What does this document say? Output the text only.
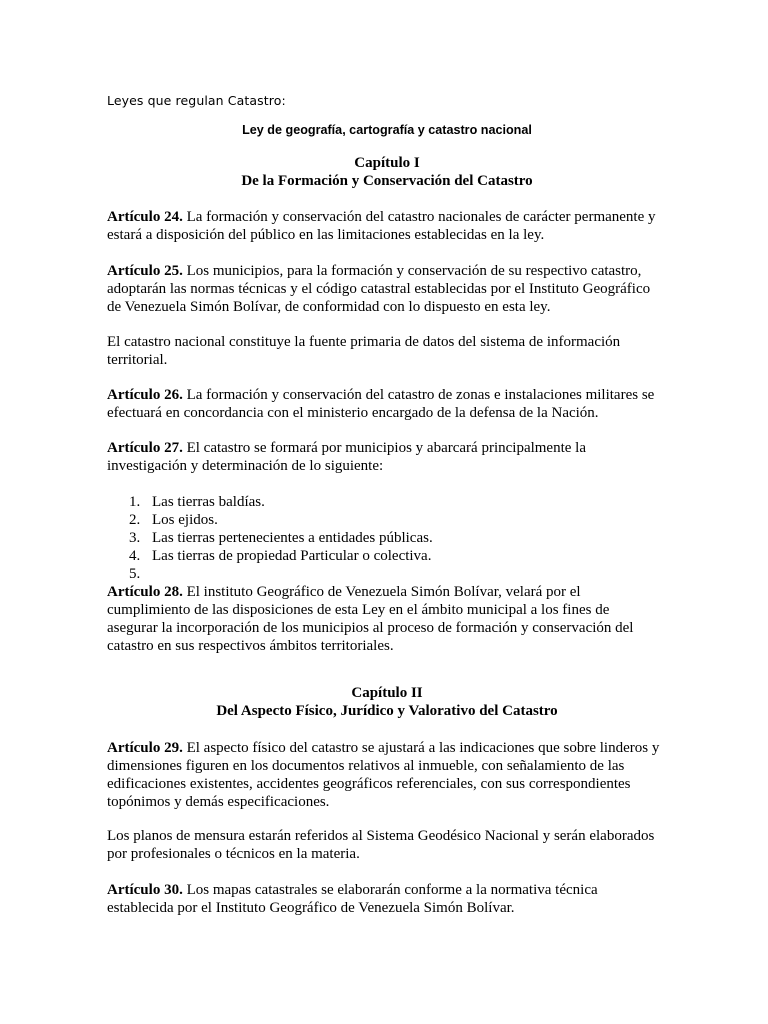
Leyes que regulan Catastro:
Ley de geografía, cartografía y catastro nacional
Capítulo I
De la Formación y Conservación del Catastro
Artículo 24. La formación y conservación del catastro nacionales de carácter permanente y
estará a disposición del público en las limitaciones establecidas en la ley.
Artículo 25. Los municipios, para la formación y conservación de su respectivo catastro,
adoptarán las normas técnicas y el código catastral establecidas por el Instituto Geográfico
de Venezuela Simón Bolívar, de conformidad con lo dispuesto en esta ley.
El catastro nacional constituye la fuente primaria de datos del sistema de información
territorial.
Artículo 26. La formación y conservación del catastro de zonas e instalaciones militares se
efectuará en concordancia con el ministerio encargado de la defensa de la Nación.
Artículo 27. El catastro se formará por municipios y abarcará principalmente la
investigación y determinación de lo siguiente:
1. Las tierras baldías.
2. Los ejidos.
3. Las tierras pertenecientes a entidades públicas.
4. Las tierras de propiedad Particular o colectiva.
5.
Artículo 28. El instituto Geográfico de Venezuela Simón Bolívar, velará por el
cumplimiento de las disposiciones de esta Ley en el ámbito municipal a los fines de
asegurar la incorporación de los municipios al proceso de formación y conservación del
catastro en sus respectivos ámbitos territoriales.
Capítulo II
Del Aspecto Físico, Jurídico y Valorativo del Catastro
Artículo 29. El aspecto físico del catastro se ajustará a las indicaciones que sobre linderos y
dimensiones figuren en los documentos relativos al inmueble, con señalamiento de las
edificaciones existentes, accidentes geográficos referenciales, con sus correspondientes
topónimos y demás especificaciones.
Los planos de mensura estarán referidos al Sistema Geodésico Nacional y serán elaborados
por profesionales o técnicos en la materia.
Artículo 30. Los mapas catastrales se elaborarán conforme a la normativa técnica
establecida por el Instituto Geográfico de Venezuela Simón Bolívar.
